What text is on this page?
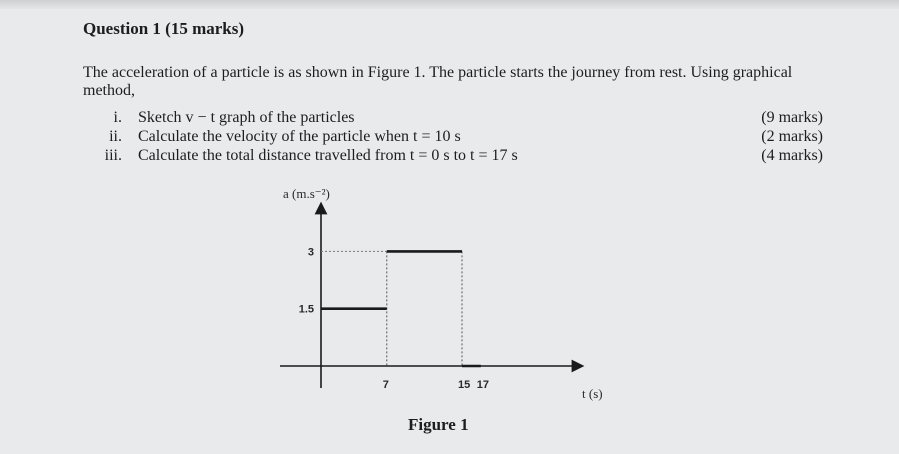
Question 1 (15 marks)
The acceleration of a particle is as shown in Figure 1. The particle starts the journey from rest. Using graphical method,
i. Sketch v − t graph of the particles	(9 marks)
ii. Calculate the velocity of the particle when t = 10 s	(2 marks)
iii. Calculate the total distance travelled from t = 0 s to t = 17 s	(4 marks)
7	15 17
3
1.5
a (m.s⁻²)
t (s)
Figure 1
